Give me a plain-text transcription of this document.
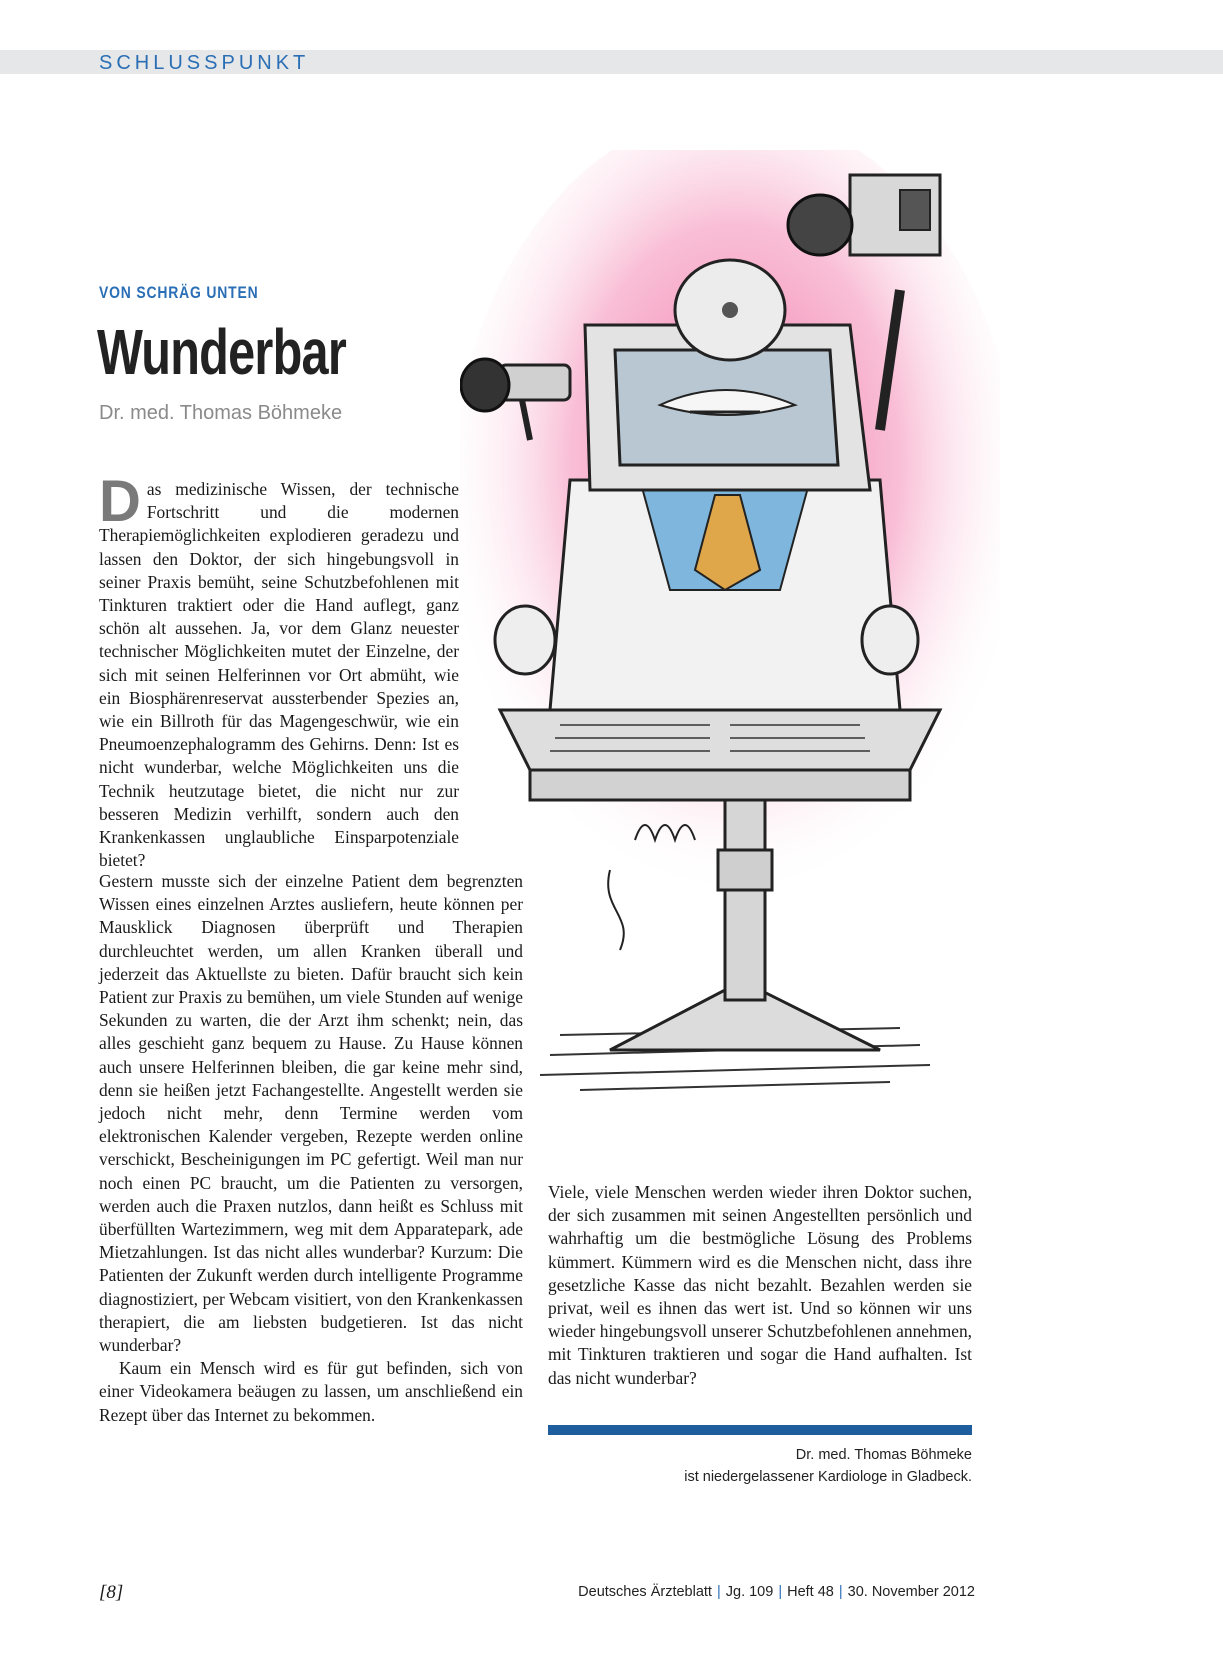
SCHLUSSPUNKT
VON SCHRÄG UNTEN
Wunderbar
Dr. med. Thomas Böhmeke

Das medizinische Wissen, der technische Fortschritt und die modernen Therapiemöglichkeiten explodieren geradezu und lassen den Doktor, der sich hingebungsvoll in seiner Praxis bemüht, seine Schutzbefohlenen mit Tinkturen traktiert oder die Hand auflegt, ganz schön alt aussehen. Ja, vor dem Glanz neuester technischer Möglichkeiten mutet der Einzelne, der sich mit seinen Helferinnen vor Ort abmüht, wie ein Biosphärenreservat aussterbender Spezies an, wie ein Billroth für das Magengeschwür, wie ein Pneumoenzephalogramm des Gehirns. Denn: Ist es nicht wunderbar, welche Möglichkeiten uns die Technik heutzutage bietet, die nicht nur zur besseren Medizin verhilft, sondern auch den Krankenkassen unglaubliche Einsparpotenziale bietet?

Gestern musste sich der einzelne Patient dem begrenzten Wissen eines einzelnen Arztes ausliefern, heute können per Mausklick Diagnosen überprüft und Therapien durchleuchtet werden, um allen Kranken überall und jederzeit das Aktuellste zu bieten. Dafür braucht sich kein Patient zur Praxis zu bemühen, um viele Stunden auf wenige Sekunden zu warten, die der Arzt ihm schenkt; nein, das alles geschieht ganz bequem zu Hause. Zu Hause können auch unsere Helferinnen bleiben, die gar keine mehr sind, denn sie heißen jetzt Fachangestellte. Angestellt werden sie jedoch nicht mehr, denn Termine werden vom elektronischen Kalender vergeben, Rezepte werden online verschickt, Bescheinigungen im PC gefertigt. Weil man nur noch einen PC braucht, um die Patienten zu versorgen, werden auch die Praxen nutzlos, dann heißt es Schluss mit überfüllten Wartezimmern, weg mit dem Apparatepark, ade Mietzahlungen. Ist das nicht alles wunderbar? Kurzum: Die Patienten der Zukunft werden durch intelligente Programme diagnostiziert, per Webcam visitiert, von den Krankenkassen therapiert, die am liebsten budgetieren. Ist das nicht wunderbar?

Kaum ein Mensch wird es für gut befinden, sich von einer Videokamera beäugen zu lassen, um anschließend ein Rezept über das Internet zu bekommen.

Viele, viele Menschen werden wieder ihren Doktor suchen, der sich zusammen mit seinen Angestellten persönlich und wahrhaftig um die bestmögliche Lösung des Problems kümmert. Kümmern wird es die Menschen nicht, dass ihre gesetzliche Kasse das nicht bezahlt. Bezahlen werden sie privat, weil es ihnen das wert ist. Und so können wir uns wieder hingebungsvoll unserer Schutzbefohlenen annehmen, mit Tinkturen traktieren und sogar die Hand aufhalten. Ist das nicht wunderbar?

Dr. med. Thomas Böhmeke
ist niedergelassener Kardiologe in Gladbeck.
[8]	Deutsches Ärzteblatt | Jg. 109 | Heft 48 | 30. November 2012
